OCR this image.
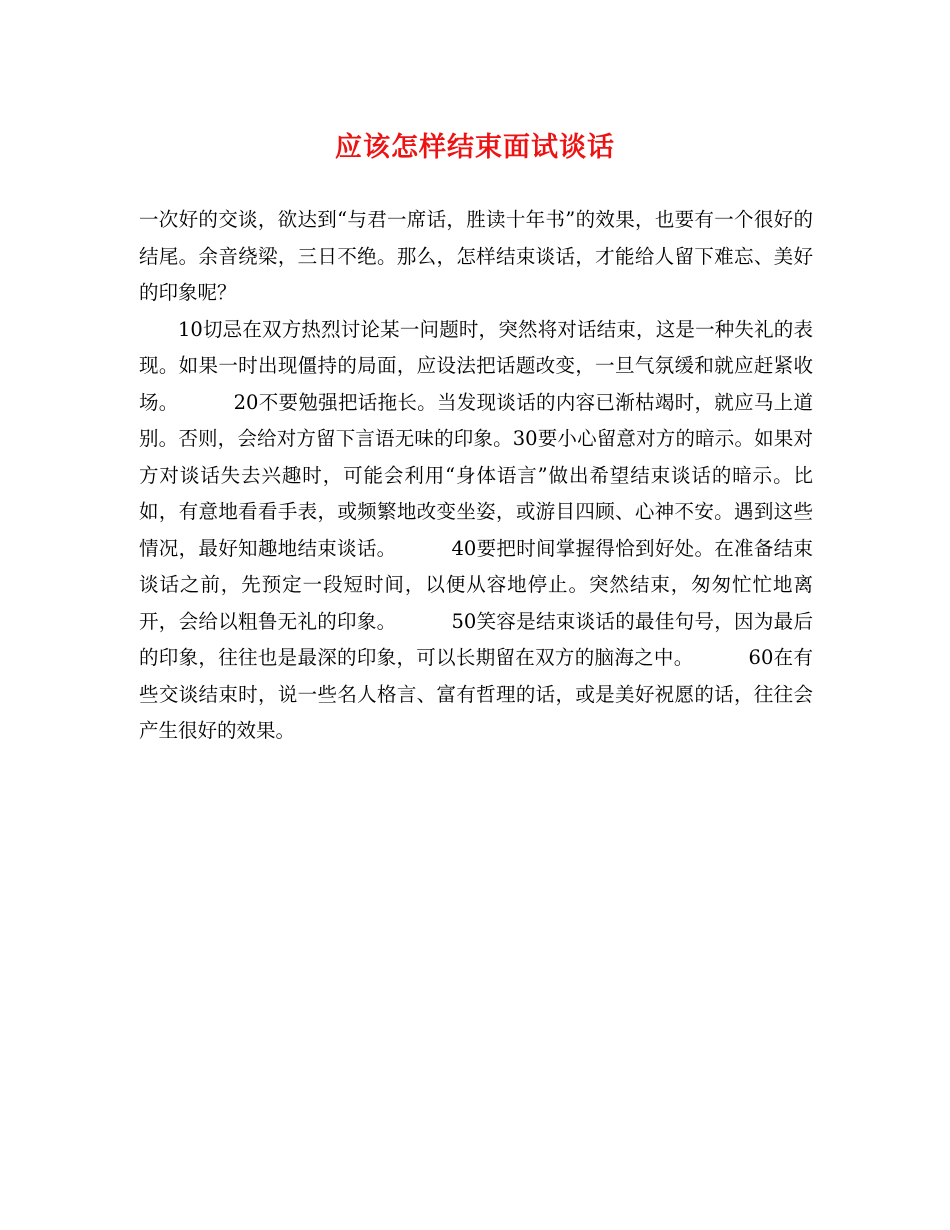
应该怎样结束面试谈话

一次好的交谈，欲达到“与君一席话，胜读十年书”的效果，也要有一个很好的结尾。余音绕梁，三日不绝。那么，怎样结束谈话，才能给人留下难忘、美好的印象呢？

10切忌在双方热烈讨论某一问题时，突然将对话结束，这是一种失礼的表现。如果一时出现僵持的局面，应设法把话题改变，一旦气氛缓和就应赶紧收场。	20不要勉强把话拖长。当发现谈话的内容已渐枯竭时，就应马上道别。否则，会给对方留下言语无味的印象。30要小心留意对方的暗示。如果对方对谈话失去兴趣时，可能会利用“身体语言”做出希望结束谈话的暗示。比如，有意地看看手表，或频繁地改变坐姿，或游目四顾、心神不安。遇到这些情况，最好知趣地结束谈话。	40要把时间掌握得恰到好处。在准备结束谈话之前，先预定一段短时间，以便从容地停止。突然结束，匆匆忙忙地离开，会给以粗鲁无礼的印象。	50笑容是结束谈话的最佳句号，因为最后的印象，往往也是最深的印象，可以长期留在双方的脑海之中。	60在有些交谈结束时，说一些名人格言、富有哲理的话，或是美好祝愿的话，往往会产生很好的效果。
